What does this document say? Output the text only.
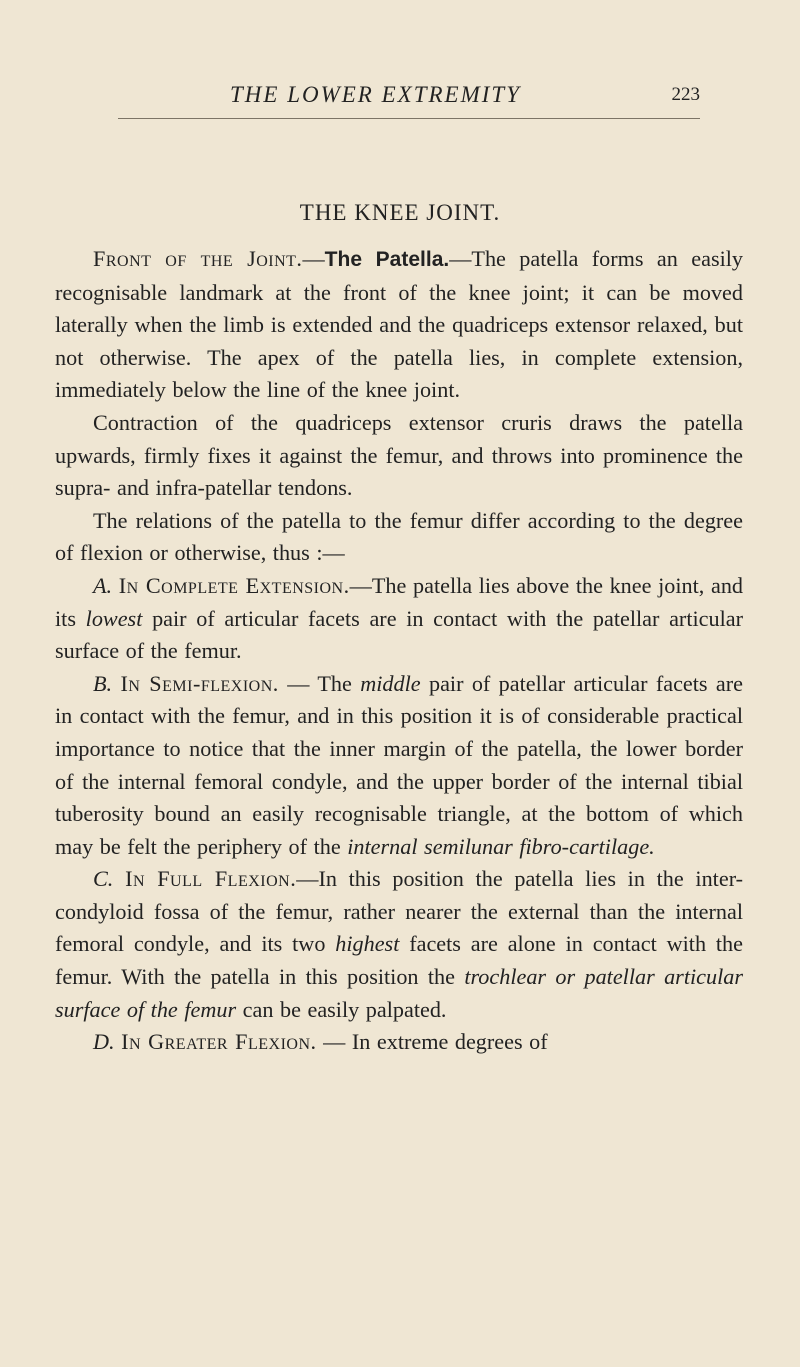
THE LOWER EXTREMITY	223
THE KNEE JOINT.

Front of the Joint.—The Patella.—The patella forms an easily recognisable landmark at the front of the knee joint; it can be moved laterally when the limb is extended and the quadriceps extensor relaxed, but not otherwise. The apex of the patella lies, in complete extension, immediately below the line of the knee joint.

Contraction of the quadriceps extensor cruris draws the patella upwards, firmly fixes it against the femur, and throws into prominence the supra- and infra-patellar tendons.

The relations of the patella to the femur differ according to the degree of flexion or otherwise, thus :—

A. In Complete Extension.—The patella lies above the knee joint, and its lowest pair of articular facets are in contact with the patellar articular surface of the femur.

B. In Semi-flexion. — The middle pair of patellar articular facets are in contact with the femur, and in this position it is of considerable practical importance to notice that the inner margin of the patella, the lower border of the internal femoral condyle, and the upper border of the internal tibial tuberosity bound an easily recognisable triangle, at the bottom of which may be felt the periphery of the internal semilunar fibro-cartilage.

C. In Full Flexion.—In this position the patella lies in the inter-condyloid fossa of the femur, rather nearer the external than the internal femoral condyle, and its two highest facets are alone in contact with the femur. With the patella in this position the trochlear or patellar articular surface of the femur can be easily palpated.

D. In Greater Flexion. — In extreme degrees of
